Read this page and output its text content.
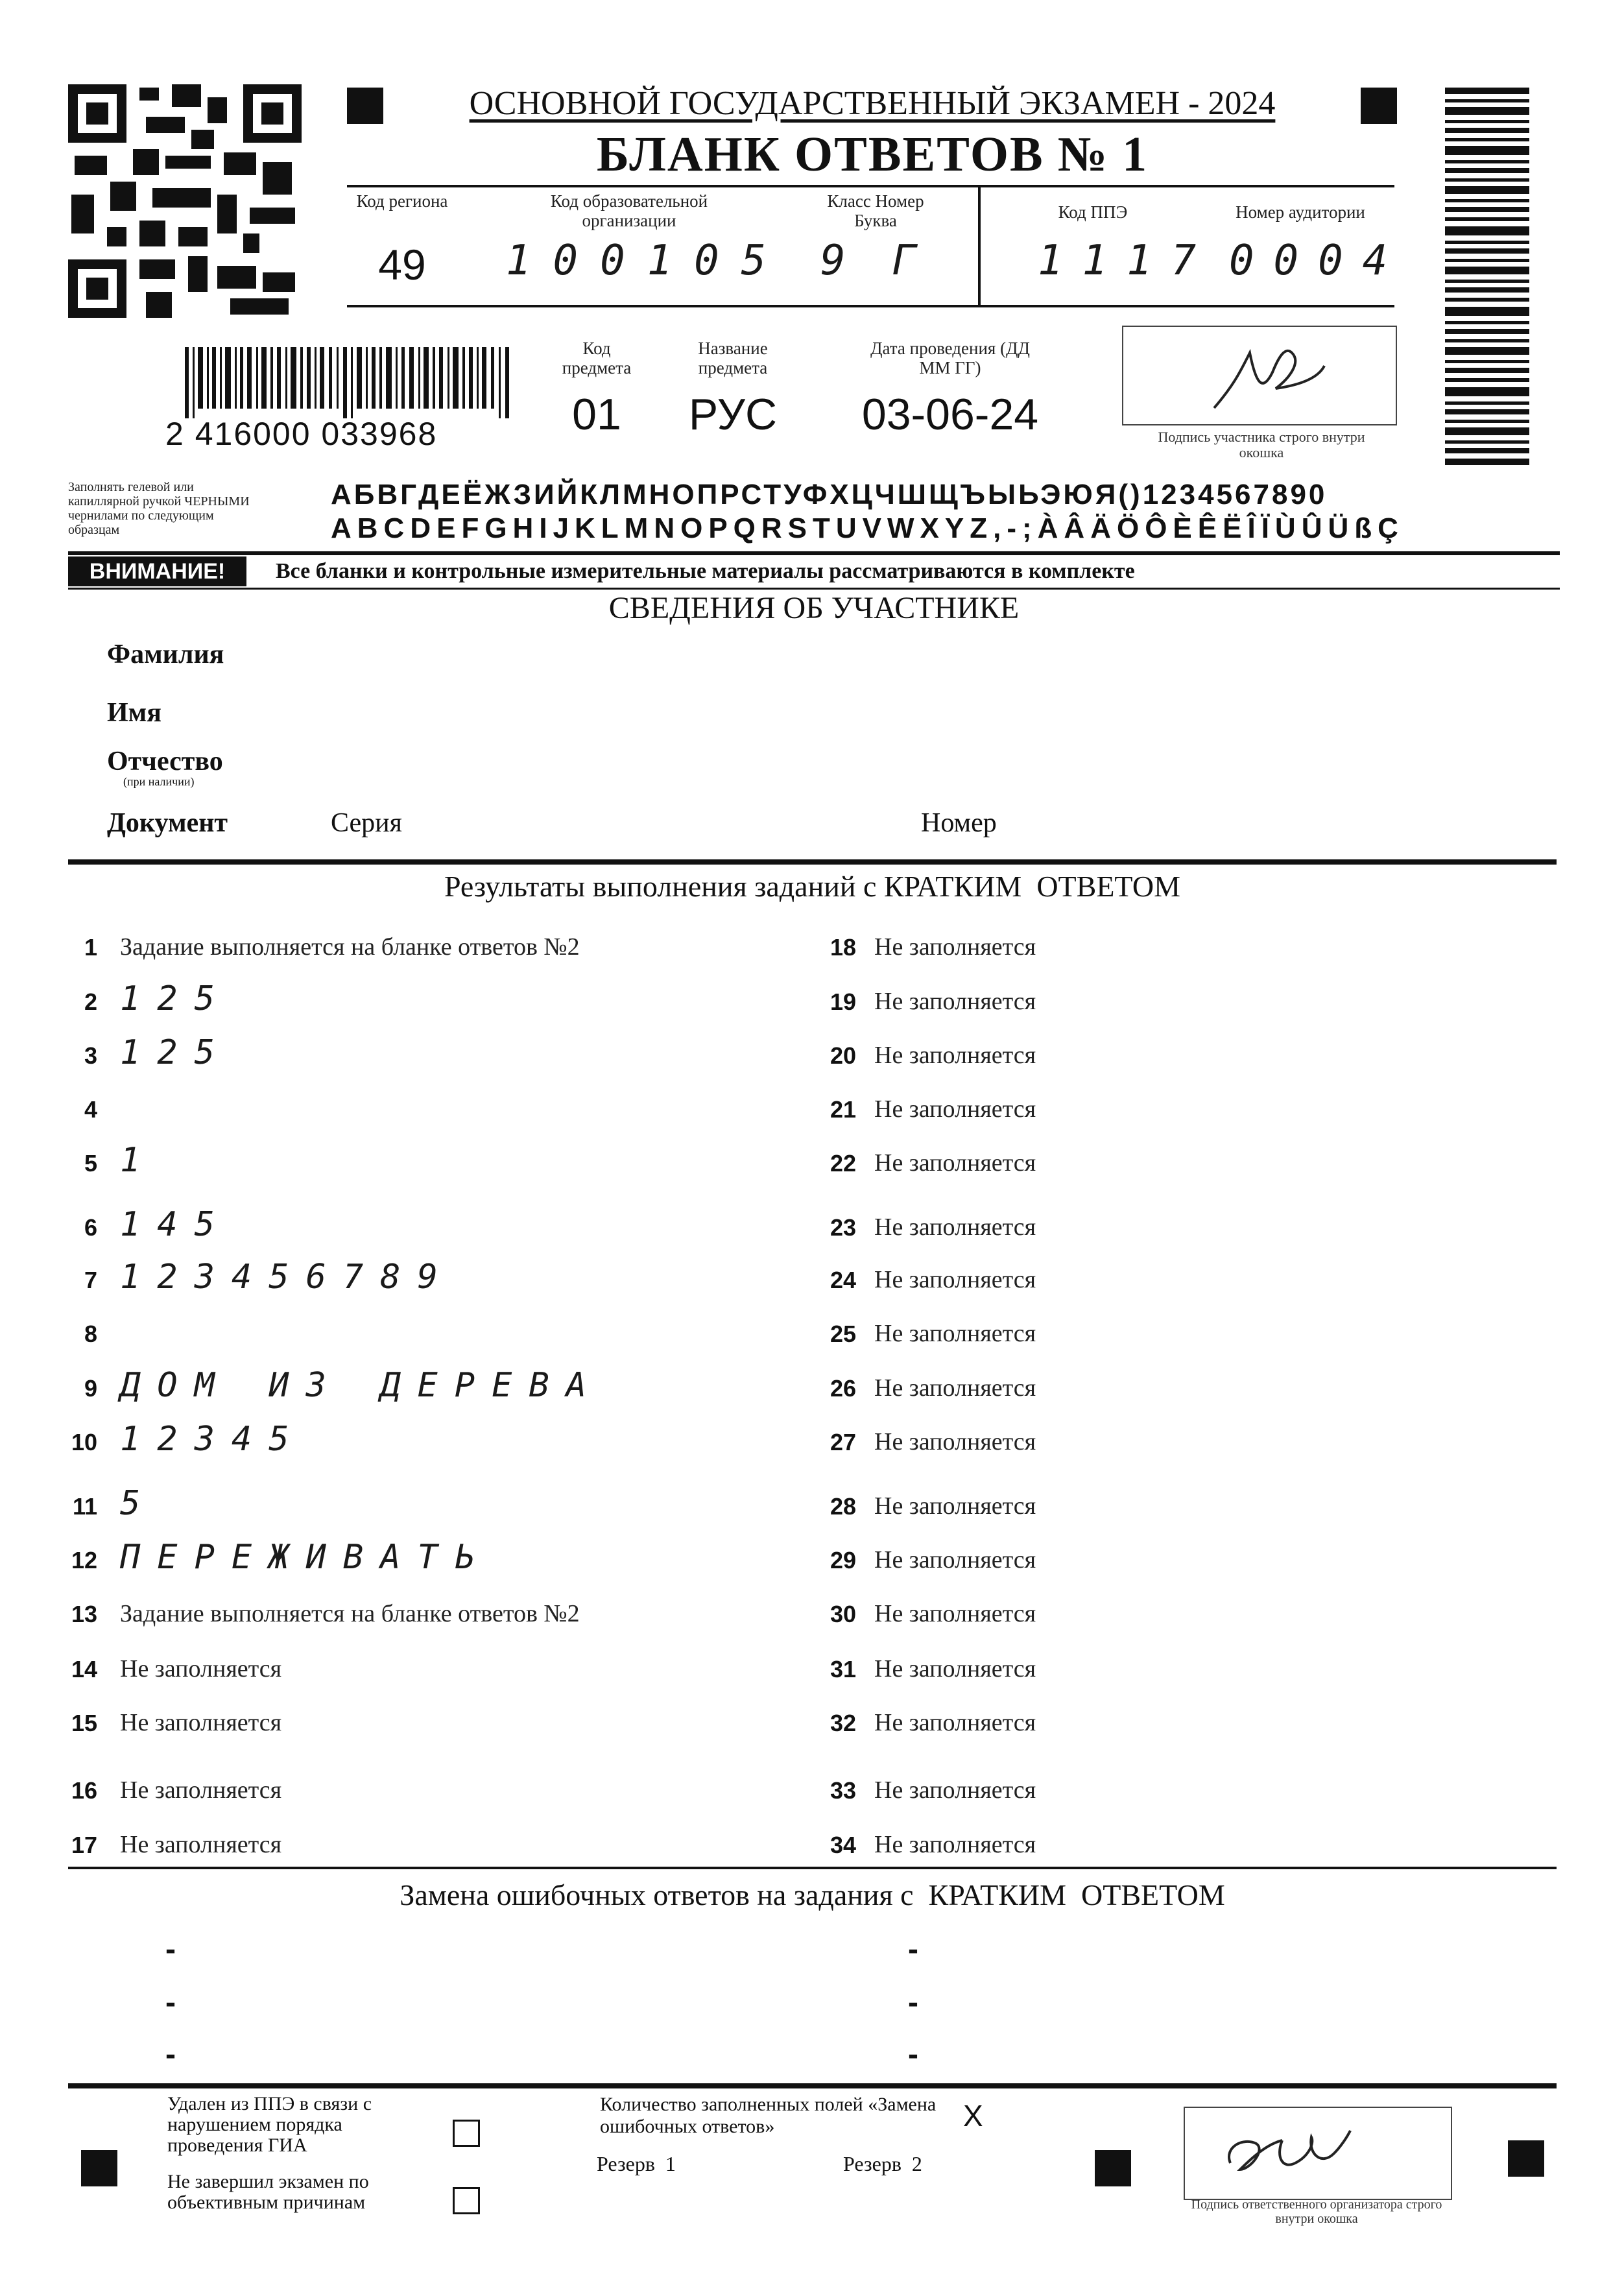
ОСНОВНОЙ ГОСУДАРСТВЕННЫЙ ЭКЗАМЕН - 2024
БЛАНК ОТВЕТОВ № 1
Код региона
49
Код образовательной организации
100105
Класс Номер Буква
9 Г
Код ППЭ
1117
Номер аудитории
0004
2 416000 033968
Код предмета
01
Название предмета
РУС
Дата проведения (ДД ММ ГГ)
03-06-24	Подпись участника строго внутри окошка
Заполнять гелевой или капиллярной ручкой ЧЕРНЫМИ чернилами по следующим образцам
АБВГДЕЁЖЗИЙКЛМНОПРСТУФХЦЧШЩЪЫЬЭЮЯ()1234567890
ABCDEFGHIJKLMNOPQRSTUVWXYZ,-;ÀÂÄÖÔÈÊËÎÏÙÛÜßÇ
ВНИМАНИЕ!	Все бланки и контрольные измерительные материалы рассматриваются в комплекте
СВЕДЕНИЯ ОБ УЧАСТНИКЕ
Фамилия
Имя
Отчество
(при наличии)
Документ	Серия	Номер
Результаты выполнения заданий с КРАТКИМ  ОТВЕТОМ
1 Задание выполняется на бланке ответов №2
2 125
3 125
4
5 1
6 145
7 123456789
8
9 ДОМ ИЗ ДЕРЕВА
10 12345
11 5
12 ПЕРЕЖИВАТЬ
13 Задание выполняется на бланке ответов №2
14 Не заполняется
15 Не заполняется
16 Не заполняется
17 Не заполняется
18 Не заполняется
19 Не заполняется
20 Не заполняется
21 Не заполняется
22 Не заполняется
23 Не заполняется
24 Не заполняется
25 Не заполняется
26 Не заполняется
27 Не заполняется
28 Не заполняется
29 Не заполняется
30 Не заполняется
31 Не заполняется
32 Не заполняется
33 Не заполняется
34 Не заполняется
Замена ошибочных ответов на задания с  КРАТКИМ  ОТВЕТОМ
-
-
-
-
-
-
Удален из ППЭ в связи с нарушением порядка проведения ГИА
Не завершил экзамен по объективным причинам
Количество заполненных полей «Замена ошибочных ответов»	X
Резерв  1	Резерв  2
Подпись ответственного организатора строго внутри окошка
